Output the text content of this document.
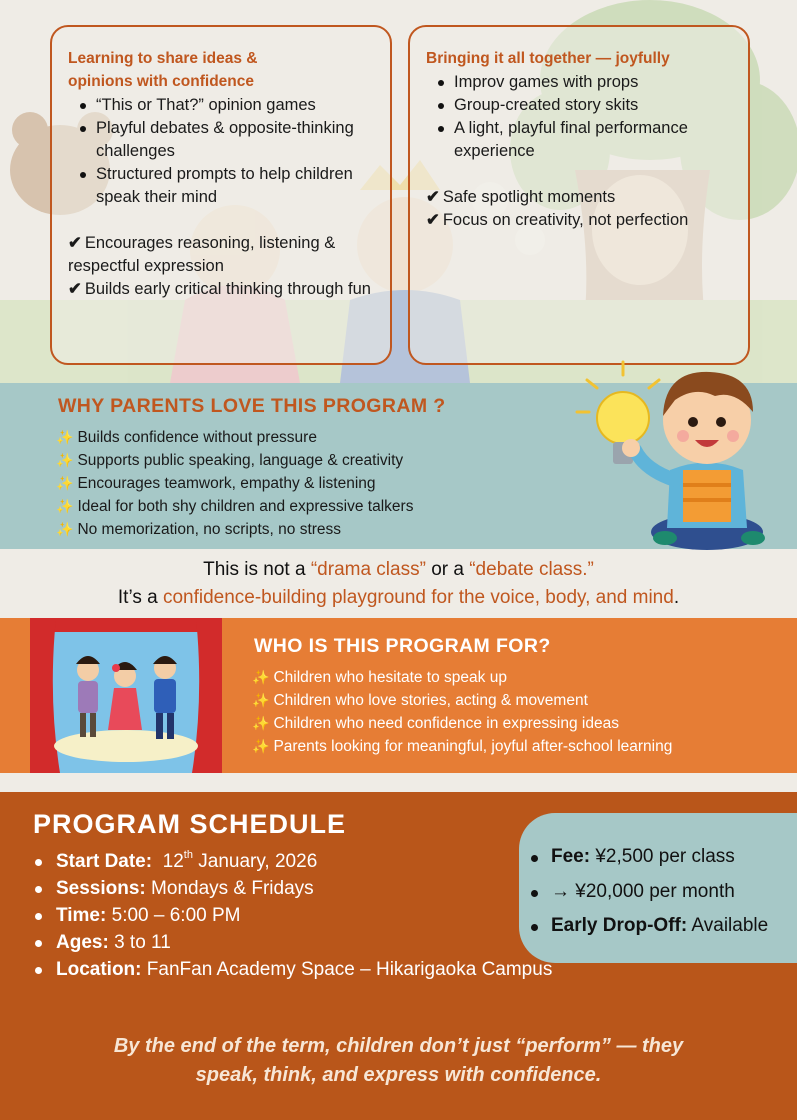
Learning to share ideas &
opinions with confidence
“This or That?” opinion games
Playful debates & opposite-thinking challenges
Structured prompts to help children speak their mind
✔ Encourages reasoning, listening & respectful expression
✔ Builds early critical thinking through fun
Bringing it all together — joyfully
Improv games with props
Group-created story skits
A light, playful final performance experience
✔ Safe spotlight moments
✔ Focus on creativity, not perfection
WHY PARENTS LOVE THIS PROGRAM ?
✨ Builds confidence without pressure
✨ Supports public speaking, language & creativity
✨ Encourages teamwork, empathy & listening
✨ Ideal for both shy children and expressive talkers
✨ No memorization, no scripts, no stress
This is not a “drama class” or a “debate class.”
It’s a confidence-building playground for the voice, body, and mind.
WHO IS THIS PROGRAM FOR?
✨ Children who hesitate to speak up
✨ Children who love stories, acting & movement
✨ Children who need confidence in expressing ideas
✨ Parents looking for meaningful, joyful after-school learning
PROGRAM SCHEDULE
Start Date: 12th January, 2026
Sessions: Mondays & Fridays
Time: 5:00 – 6:00 PM
Ages: 3 to 11
Location: FanFan Academy Space – Hikarigaoka Campus
Fee: ¥2,500 per class
→ ¥20,000 per month
Early Drop-Off: Available
By the end of the term, children don’t just “perform” — they
speak, think, and express with confidence.
